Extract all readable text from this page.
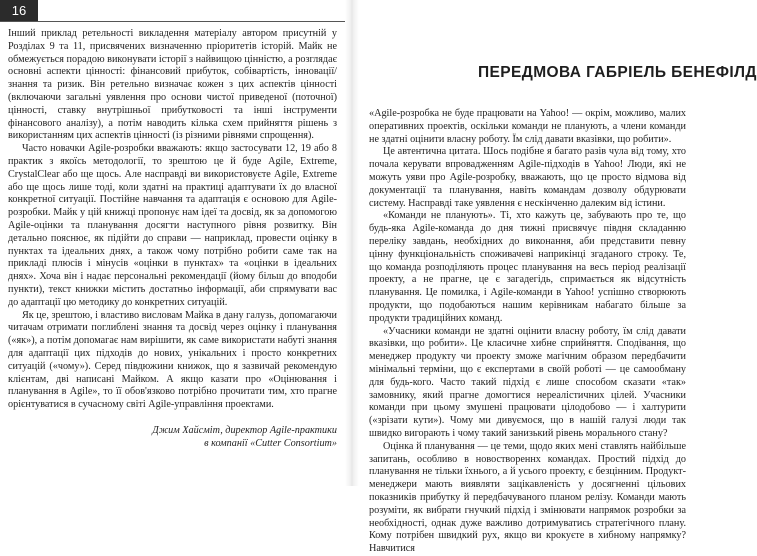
16

Інший приклад ретельності викладення матеріалу автором присутній у Розділах 9 та 11, присвячених визначенню пріоритетів історій. Майк не обмежується порадою виконувати історії з найвищою цінністю, а розглядає основні аспекти цінності: фінансовий прибуток, собівартість, інновації/знання та ризик. Він ретельно визначає кожен з цих аспектів цінності (включаючи загальні уявлення про основи чистої приведеної (поточної) цінності, ставку внутрішньої прибутковості та інші інструменти фінансового аналізу), а потім наводить кілька схем прийняття рішень з використанням цих аспектів цінності (із різними рівнями спрощення).

Часто новачки Agile-розробки вважають: якщо застосувати 12, 19 або 8 практик з якоїсь методології, то зрештою це й буде Agile, Extreme, CrystalClear або ще щось. Але насправді ви використовуєте Agile, Extreme або ще щось лише тоді, коли здатні на практиці адаптувати їх до власної конкретної ситуації. Постійне навчання та адаптація є основою для Agile-розробки. Майк у цій книжці пропонує нам ідеї та досвід, як за допомогою Agile-оцінки та планування досягти наступного рівня розвитку. Він детально пояснює, як підійти до справи — наприклад, провести оцінку в пунктах та ідеальних днях, а також чому потрібно робити саме так на прикладі плюсів і мінусів «оцінки в пунктах» та «оцінки в ідеальних днях». Хоча він і надає персональні рекомендації (йому більш до вподоби пункти), текст книжки містить достатньо інформації, аби спрямувати вас до адаптації цю методику до конкретних ситуацій.

Як це, зрештою, і властиво висловам Майка в дану галузь, допомагаючи читачам отримати поглиблені знання та досвід через оцінку і планування («як»), а потім допомагає нам вирішити, як саме використати набуті знання для адаптації цих підходів до нових, унікальних і просто конкретних ситуацій («чому»). Серед півдюжини книжок, що я зазвичай рекомендую клієнтам, дві написані Майком. А якщо казати про «Оцінювання і планування в Agile», то її обов'язково потрібно прочитати тим, хто прагне орієнтуватися в сучасному світі Agile-управління проектами.

Джим Хайсміт, директор Agile-практики
в компанії «Cutter Consortium»
ПЕРЕДМОВА ГАБРІЕЛЬ БЕНЕФІЛД

«Agile-розробка не буде працювати на Yahoo! — окрім, можливо, малих оперативних проектів, оскільки команди не планують, а члени команди не здатні оцінити власну роботу. Їм слід давати вказівки, що робити».

Це автентична цитата. Шось подібне я багато разів чула від тому, хто почала керувати впровадженням Agile-підходів в Yahoo! Люди, які не можуть уяви про Agile-розробку, вважають, що це просто відмова від документації та планування, навіть командам дозволу обдурювати систему. Насправді таке уявлення є нескінченно далеким від істини.

«Команди не планують». Ті, хто кажуть це, забувають про те, що будь-яка Agile-команда до дня тижні присвячує півдня складанню переліку завдань, необхідних до виконання, аби представити певну цінну функціональність споживачеві наприкінці згаданого строку. Те, що команда розподіляють процес планування на весь період реалізації проекту, а не прагне, це є загадегідь, спримається як відсутність планування. Це помилка, і Agile-команди в Yahoo! успішно створюють продукти, що подобаються нашим керівникам набагато більше за продукти традиційних команд.

«Учасники команди не здатні оцінити власну роботу, їм слід давати вказівки, що робити». Це класичне хибне сприйняття. Сподівання, що менеджер продукту чи проекту зможе магічним образом передбачити мінімальні терміни, що є експертами в своїй роботі — це самообману для будь-кого. Часто такий підхід є лише способом сказати «так» замовнику, який прагне домогтися нереалістичних цілей. Учасники команди при цьому змушені працювати цілодобово — і халтурити («зрізати кути»). Чому ми дивуємося, що в нашій галузі люди так швидко вигорають і чому такий занизький рівень морального стану?

Оцінка й планування — це теми, щодо яких мені ставлять найбільше запитань, особливо в новоствореннх командах. Простий підхід до планування не тільки їхнього, а й усього проекту, є безцінним. Продукт-менеджери мають виявляти зацікавленість у досягненні цільових показників прибутку й передбачуваного планом релізу. Команди мають розуміти, як вибрати гнучкий підхід і змінювати напрямок розробки за необхідності, однак дуже важливо дотримуватись стратегічного плану. Кому потрібен швидкий рух, якщо ви крокуєте в хибному напрямку? Навчитися
